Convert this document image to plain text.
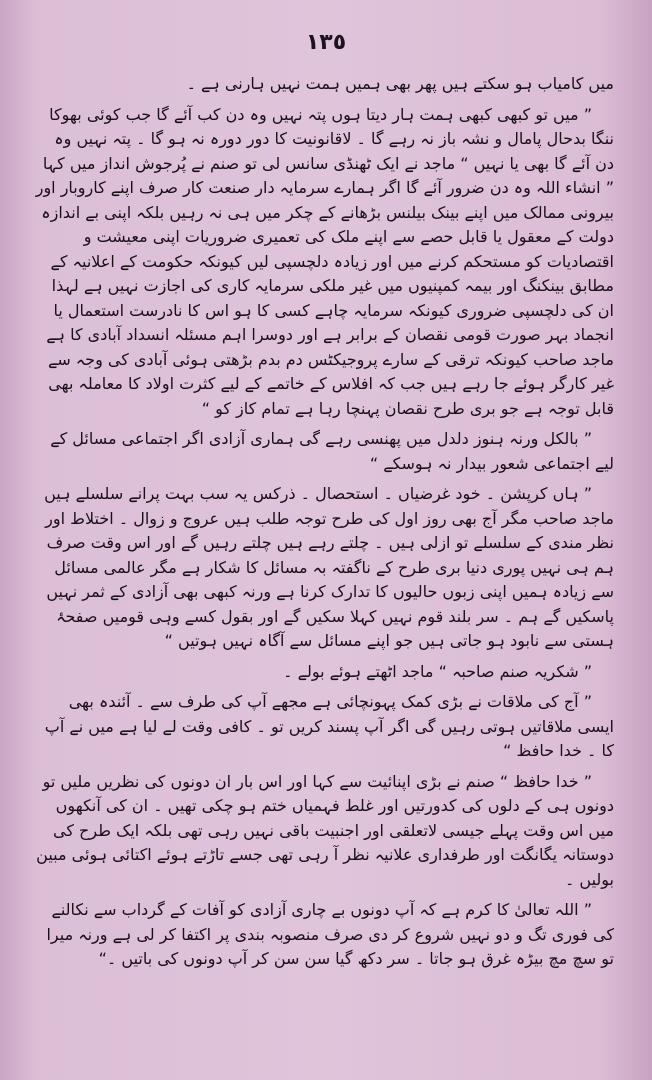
١٣٥

میں کامیاب ہو سکتے ہیں پھر بھی ہمیں ہمت نہیں ہارنی ہے ۔

” میں تو کبھی کبھی ہمت ہار دیتا ہوں پتہ نہیں وہ دن کب آئے گا جب کوئی بھوکا ننگا بدحال پامال و نشہ باز نہ رہے گا ۔ لاقانونیت کا دور دورہ نہ ہو گا ۔ پتہ نہیں وہ دن آئے گا بھی یا نہیں “ ماجد نے ایک ٹھنڈی سانس لی تو صنم نے پُرجوش انداز میں کہا ” انشاء اللہ وہ دن ضرور آئے گا اگر ہمارے سرمایہ دار صنعت کار صرف اپنے کاروبار اور بیرونی ممالک میں اپنے بینک بیلنس بڑھانے کے چکر میں ہی نہ رہیں بلکہ اپنی بے اندازہ دولت کے معقول یا قابل حصے سے اپنے ملک کی تعمیری ضروریات اپنی معیشت و اقتصادیات کو مستحکم کرنے میں اور زیادہ دلچسپی لیں کیونکہ حکومت کے اعلانیہ کے مطابق بینکنگ اور بیمہ کمپنیوں میں غیر ملکی سرمایہ کاری کی اجازت نہیں ہے لہذا ان کی دلچسپی ضروری کیونکہ سرمایہ چاہے کسی کا ہو اس کا نادرست استعمال یا انجماد بہر صورت قومی نقصان کے برابر ہے اور دوسرا اہم مسئلہ انسداد آبادی کا ہے ماجد صاحب کیونکہ ترقی کے سارے پروجیکٹس دم بدم بڑھتی ہوئی آبادی کی وجہ سے غیر کارگر ہوئے جا رہے ہیں جب کہ افلاس کے خاتمے کے لیے کثرت اولاد کا معاملہ بھی قابل توجہ ہے جو بری طرح نقصان پہنچا رہا ہے تمام کاز کو “

” بالکل ورنہ ہنوز دلدل میں پھنسی رہے گی ہماری آزادی اگر اجتماعی مسائل کے لیے اجتماعی شعور بیدار نہ ہوسکے “

” ہاں کرپشن ۔ خود غرضیاں ۔ استحصال ۔ ذرکس یہ سب بہت پرانے سلسلے ہیں ماجد صاحب مگر آج بھی روز اول کی طرح توجہ طلب ہیں عروج و زوال ۔ اختلاط اور نظر مندی کے سلسلے تو ازلی ہیں ۔ چلتے رہے ہیں چلتے رہیں گے اور اس وقت صرف ہم ہی نہیں پوری دنیا بری طرح کے ناگفتہ بہ مسائل کا شکار ہے مگر عالمی مسائل سے زیادہ ہمیں اپنی زبوں حالیوں کا تدارک کرنا ہے ورنہ کبھی بھی آزادی کے ثمر نہیں پاسکیں گے ہم ۔ سر بلند قوم نہیں کہلا سکیں گے اور بقول کسے وہی قومیں صفحۂ ہستی سے نابود ہو جاتی ہیں جو اپنے مسائل سے آگاہ نہیں ہوتیں “

” شکریہ صنم صاحبہ “ ماجد اٹھتے ہوئے بولے ۔

” آج کی ملاقات نے بڑی کمک پہونچائی ہے مجھے آپ کی طرف سے ۔ آئندہ بھی ایسی ملاقاتیں ہوتی رہیں گی اگر آپ پسند کریں تو ۔ کافی وقت لے لیا ہے میں نے آپ کا ۔ خدا حافظ “

” خدا حافظ “ صنم نے بڑی اپنائیت سے کہا اور اس بار ان دونوں کی نظریں ملیں تو دونوں ہی کے دلوں کی کدورتیں اور غلط فہمیاں ختم ہو چکی تھیں ۔ ان کی آنکھوں میں اس وقت پہلے جیسی لاتعلقی اور اجنبیت باقی نہیں رہی تھی بلکہ ایک طرح کی دوستانہ یگانگت اور طرفداری علانیہ نظر آ رہی تھی جسے تاڑتے ہوئے اکتائی ہوئی مبین بولیں ۔

” اللہ تعالیٰ کا کرم ہے کہ آپ دونوں بے چاری آزادی کو آفات کے گرداب سے نکالنے کی فوری تگ و دو نہیں شروع کر دی صرف منصوبہ بندی پر اکتفا کر لی ہے ورنہ میرا تو سچ مچ بیڑہ غرق ہو جاتا ۔ سر دکھ گیا سن سن کر آپ دونوں کی باتیں ۔“
